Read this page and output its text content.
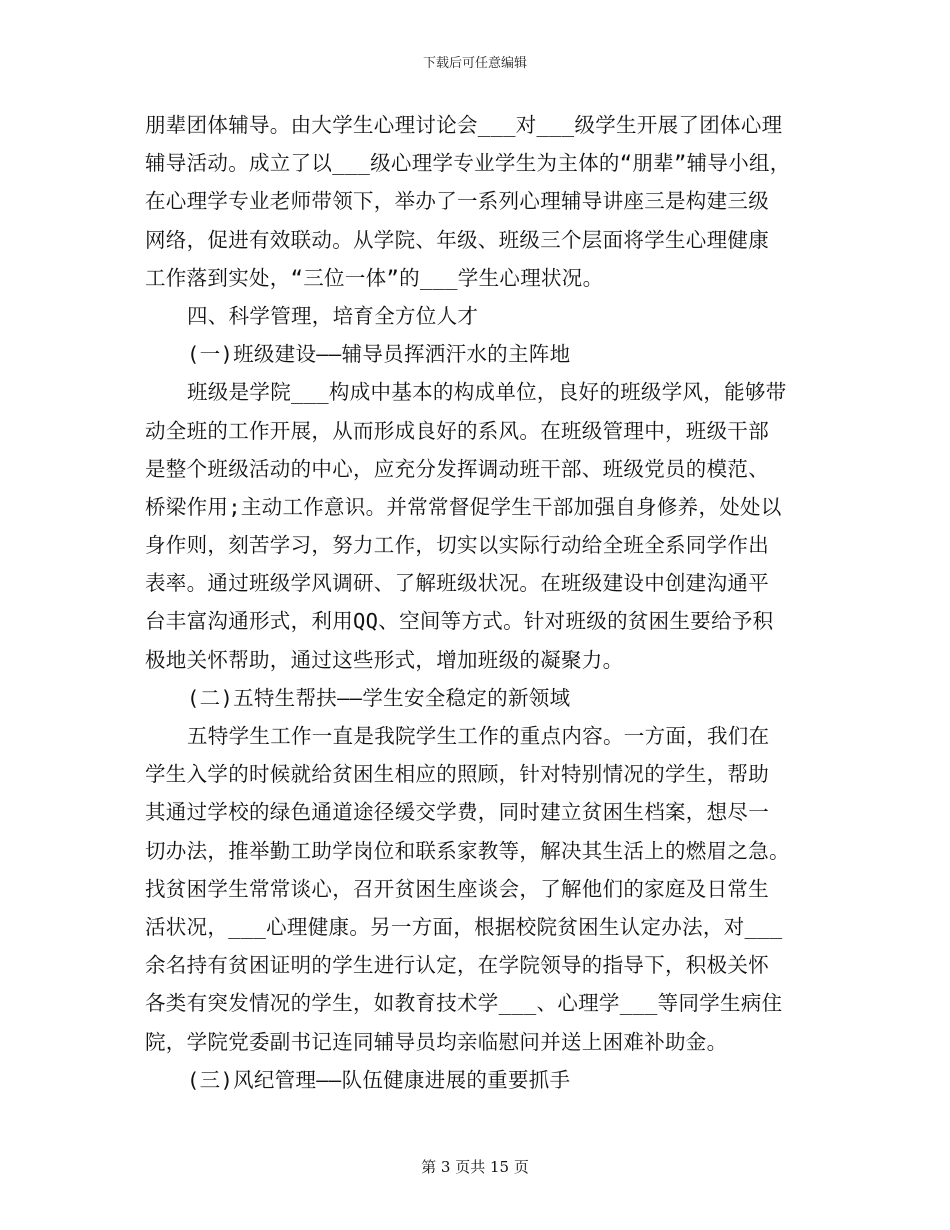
下载后可任意编辑
朋辈团体辅导。由大学生心理讨论会___对___级学生开展了团体心理
辅导活动。成立了以___级心理学专业学生为主体的“朋辈”辅导小组，
在心理学专业老师带领下，举办了一系列心理辅导讲座三是构建三级
网络，促进有效联动。从学院、年级、班级三个层面将学生心理健康
工作落到实处，“三位一体”的___学生心理状况。
四、科学管理，培育全方位人才
(一)班级建设——辅导员挥洒汗水的主阵地
班级是学院___构成中基本的构成单位，良好的班级学风，能够带
动全班的工作开展，从而形成良好的系风。在班级管理中，班级干部
是整个班级活动的中心，应充分发挥调动班干部、班级党员的模范、
桥梁作用;主动工作意识。并常常督促学生干部加强自身修养，处处以
身作则，刻苦学习，努力工作，切实以实际行动给全班全系同学作出
表率。通过班级学风调研、了解班级状况。在班级建设中创建沟通平
台丰富沟通形式，利用QQ、空间等方式。针对班级的贫困生要给予积
极地关怀帮助，通过这些形式，增加班级的凝聚力。
(二)五特生帮扶——学生安全稳定的新领域
五特学生工作一直是我院学生工作的重点内容。一方面，我们在
学生入学的时候就给贫困生相应的照顾，针对特别情况的学生，帮助
其通过学校的绿色通道途径缓交学费，同时建立贫困生档案，想尽一
切办法，推举勤工助学岗位和联系家教等，解决其生活上的燃眉之急。
找贫困学生常常谈心，召开贫困生座谈会，了解他们的家庭及日常生
活状况，___心理健康。另一方面，根据校院贫困生认定办法，对___
余名持有贫困证明的学生进行认定，在学院领导的指导下，积极关怀
各类有突发情况的学生，如教育技术学___、心理学___等同学生病住
院，学院党委副书记连同辅导员均亲临慰问并送上困难补助金。
(三)风纪管理——队伍健康进展的重要抓手
第 3 页共 15 页
